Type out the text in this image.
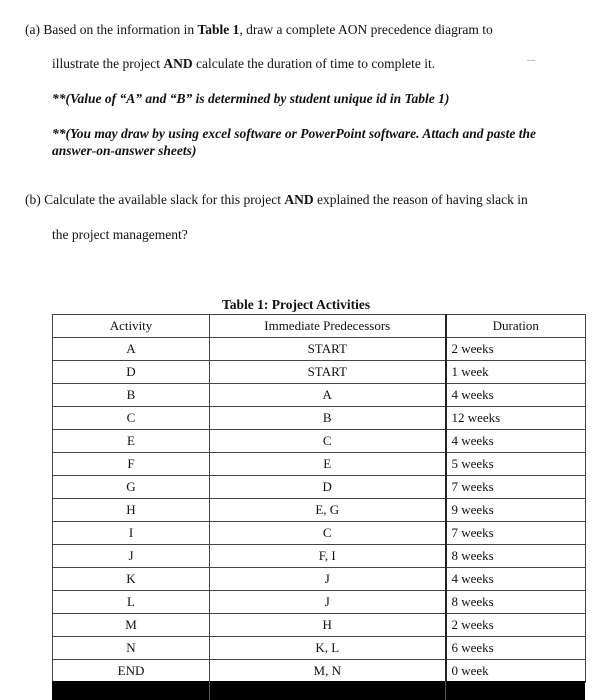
(a) Based on the information in Table 1, draw a complete AON precedence diagram to
illustrate the project AND calculate the duration of time to complete it.
**(Value of “A” and “B” is determined by student unique id in Table 1)
**(You may draw by using excel software or PowerPoint software. Attach and paste the
answer-on-answer sheets)
(b) Calculate the available slack for this project AND explained the reason of having slack in
the project management?
Table 1: Project Activities
Activity	Immediate Predecessors	Duration
A	START	2 weeks
D	START	1 week
B	A	4 weeks
C	B	12 weeks
E	C	4 weeks
F	E	5 weeks
G	D	7 weeks
H	E, G	9 weeks
I	C	7 weeks
J	F, I	8 weeks
K	J	4 weeks
L	J	8 weeks
M	H	2 weeks
N	K, L	6 weeks
END	M, N	0 week
